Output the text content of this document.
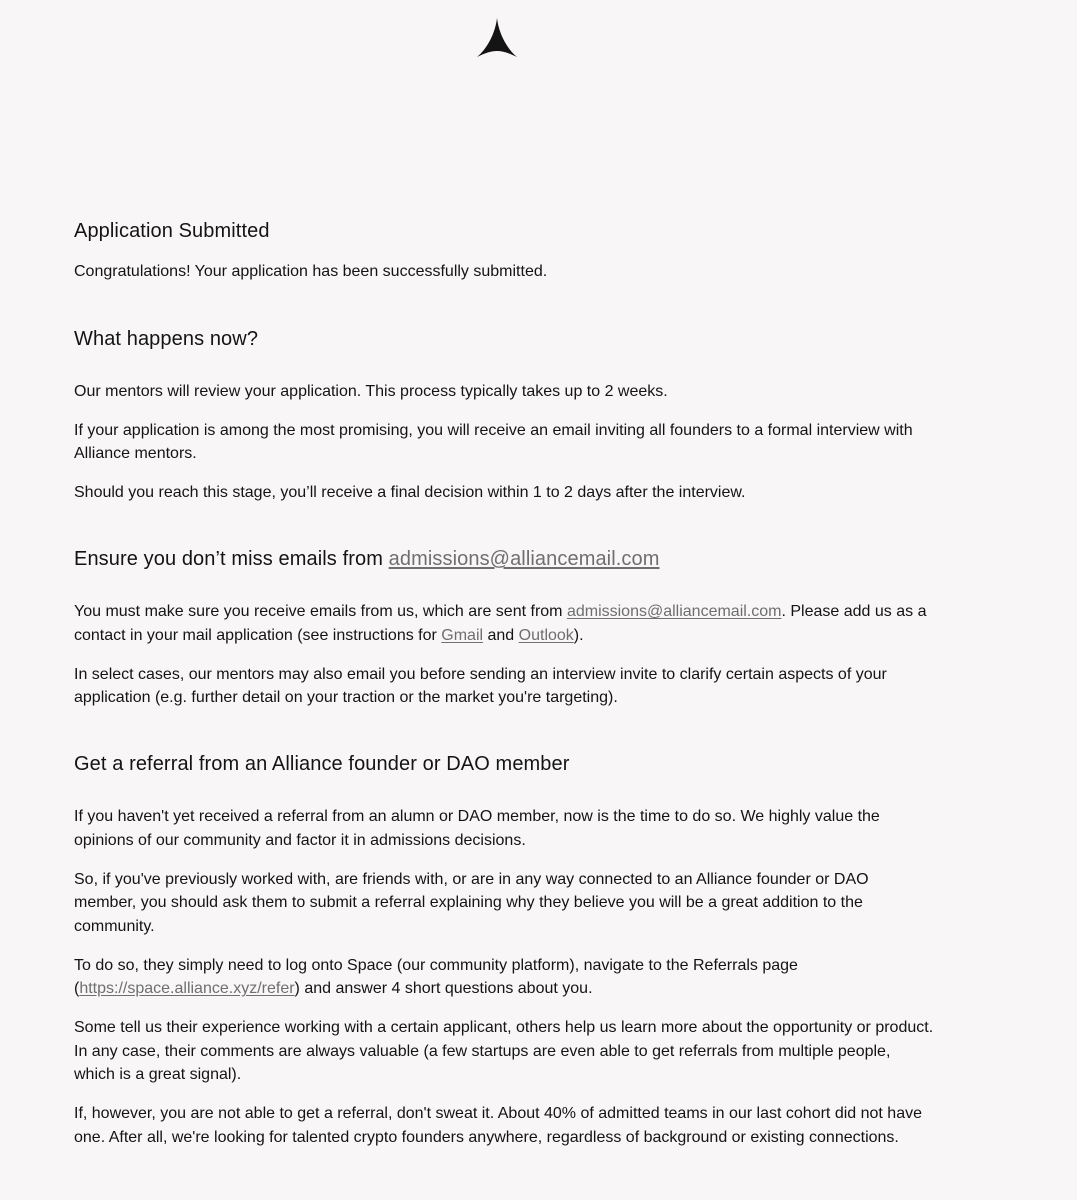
Application Submitted

Congratulations! Your application has been successfully submitted.

What happens now?

Our mentors will review your application. This process typically takes up to 2 weeks.

If your application is among the most promising, you will receive an email inviting all founders to a formal interview with Alliance mentors.

Should you reach this stage, you’ll receive a final decision within 1 to 2 days after the interview.

Ensure you don’t miss emails from admissions@alliancemail.com

You must make sure you receive emails from us, which are sent from admissions@alliancemail.com. Please add us as a contact in your mail application (see instructions for Gmail and Outlook).

In select cases, our mentors may also email you before sending an interview invite to clarify certain aspects of your application (e.g. further detail on your traction or the market you're targeting).

Get a referral from an Alliance founder or DAO member

If you haven't yet received a referral from an alumn or DAO member, now is the time to do so. We highly value the opinions of our community and factor it in admissions decisions.

So, if you've previously worked with, are friends with, or are in any way connected to an Alliance founder or DAO member, you should ask them to submit a referral explaining why they believe you will be a great addition to the community.

To do so, they simply need to log onto Space (our community platform), navigate to the Referrals page (https://space.alliance.xyz/refer) and answer 4 short questions about you.

Some tell us their experience working with a certain applicant, others help us learn more about the opportunity or product. In any case, their comments are always valuable (a few startups are even able to get referrals from multiple people, which is a great signal).

If, however, you are not able to get a referral, don't sweat it. About 40% of admitted teams in our last cohort did not have one. After all, we're looking for talented crypto founders anywhere, regardless of background or existing connections.
